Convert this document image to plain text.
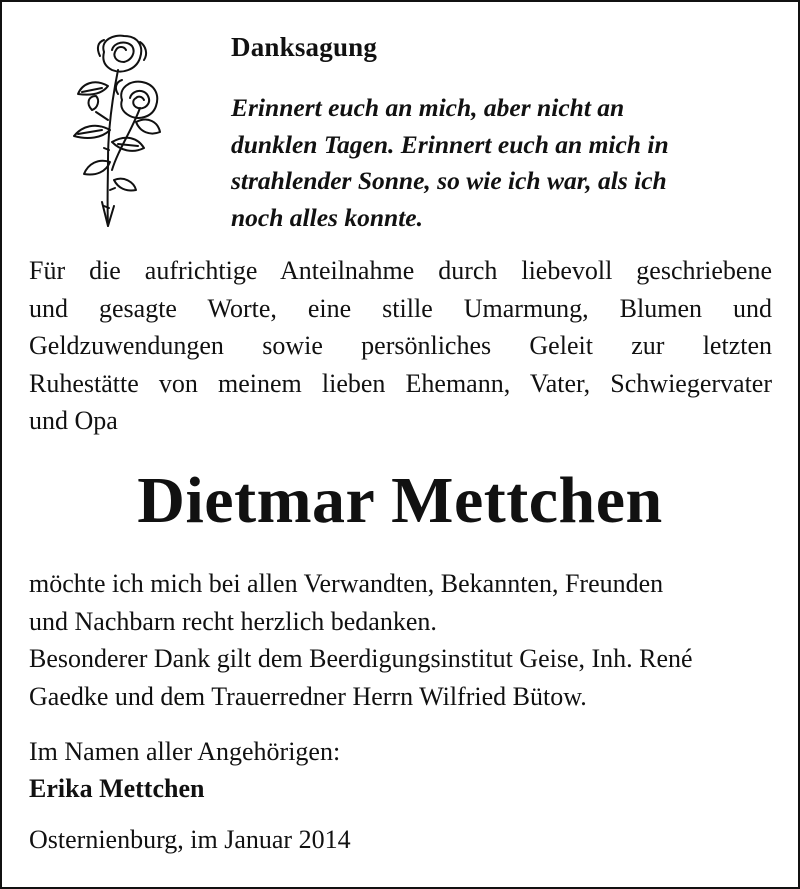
Danksagung
Erinnert euch an mich, aber nicht an
dunklen Tagen. Erinnert euch an mich in
strahlender Sonne, so wie ich war, als ich
noch alles konnte.
Für die aufrichtige Anteilnahme durch liebevoll geschriebene
und gesagte Worte, eine stille Umarmung, Blumen und
Geldzuwendungen sowie persönliches Geleit zur letzten
Ruhestätte von meinem lieben Ehemann, Vater, Schwiegervater
und Opa
Dietmar Mettchen
möchte ich mich bei allen Verwandten, Bekannten, Freunden
und Nachbarn recht herzlich bedanken.
Besonderer Dank gilt dem Beerdigungsinstitut Geise, Inh. René
Gaedke und dem Trauerredner Herrn Wilfried Bütow.
Im Namen aller Angehörigen:
Erika Mettchen
Osternienburg, im Januar 2014
